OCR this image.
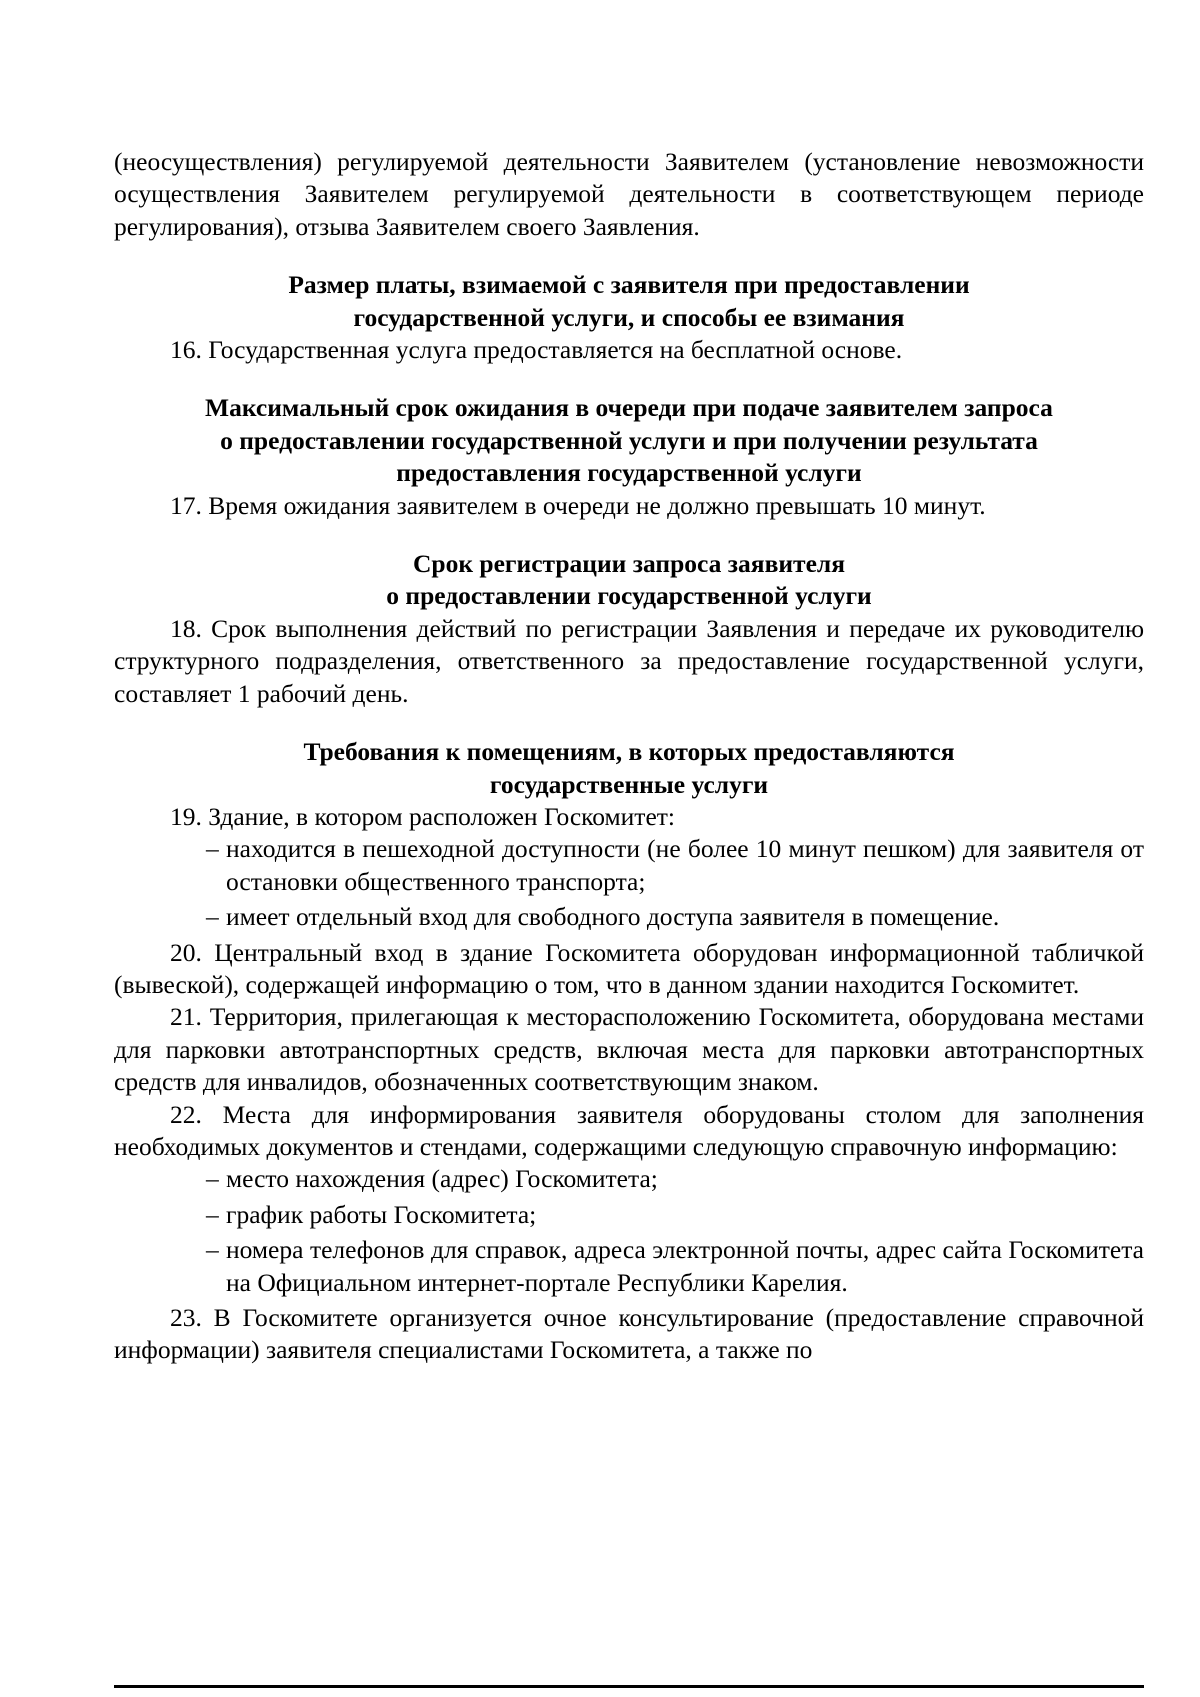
(неосуществления) регулируемой деятельности Заявителем (установление невозможности осуществления Заявителем регулируемой деятельности в соответствующем периоде регулирования), отзыва Заявителем своего Заявления.

Размер платы, взимаемой с заявителя при предоставлении
государственной услуги, и способы ее взимания

16. Государственная услуга предоставляется на бесплатной основе.

Максимальный срок ожидания в очереди при подаче заявителем запроса
о предоставлении государственной услуги и при получении результата
предоставления государственной услуги

17. Время ожидания заявителем в очереди не должно превышать 10 минут.

Срок регистрации запроса заявителя
о предоставлении государственной услуги

18. Срок выполнения действий по регистрации Заявления и передаче их руководителю структурного подразделения, ответственного за предоставление государственной услуги, составляет 1 рабочий день.

Требования к помещениям, в которых предоставляются
государственные услуги

19. Здание, в котором расположен Госкомитет:

– находится в пешеходной доступности (не более 10 минут пешком) для заявителя от остановки общественного транспорта;
– имеет отдельный вход для свободного доступа заявителя в помещение.

20. Центральный вход в здание Госкомитета оборудован информационной табличкой (вывеской), содержащей информацию о том, что в данном здании находится Госкомитет.

21. Территория, прилегающая к месторасположению Госкомитета, оборудована местами для парковки автотранспортных средств, включая места для парковки автотранспортных средств для инвалидов, обозначенных соответствующим знаком.

22. Места для информирования заявителя оборудованы столом для заполнения необходимых документов и стендами, содержащими следующую справочную информацию:

– место нахождения (адрес) Госкомитета;
– график работы Госкомитета;
– номера телефонов для справок, адреса электронной почты, адрес сайта Госкомитета на Официальном интернет-портале Республики Карелия.

23. В Госкомитете организуется очное консультирование (предоставление справочной информации) заявителя специалистами Госкомитета, а также по
